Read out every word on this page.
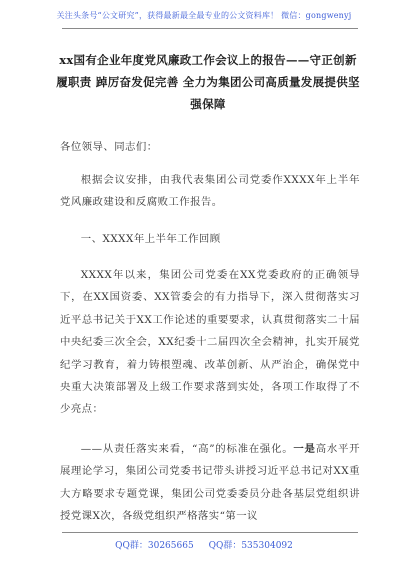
关注头条号“公文研究”，获得最新最全最专业的公文资料库！ 微信：gongwenyj
xx国有企业年度党风廉政工作会议上的报告——守正创新履职责 踔厉奋发促完善 全力为集团公司高质量发展提供坚强保障

各位领导、同志们：

根据会议安排，由我代表集团公司党委作XXXX年上半年党风廉政建设和反腐败工作报告。

一、XXXX年上半年工作回顾

XXXX年以来，集团公司党委在XX党委政府的正确领导下，在XX国资委、XX管委会的有力指导下，深入贯彻落实习近平总书记关于XX工作论述的重要要求，认真贯彻落实二十届中央纪委三次全会，XX纪委十二届四次全会精神，扎实开展党纪学习教育，着力铸根塑魂、改革创新、从严治企，确保党中央重大决策部署及上级工作要求落到实处，各项工作取得了不少亮点：

——从责任落实来看，“高”的标准在强化。一是高水平开展理论学习，集团公司党委书记带头讲授习近平总书记对XX重大方略要求专题党课，集团公司党委委员分赴各基层党组织讲授党课X次，各级党组织严格落实“第一议

QQ群：30265665 QQ群：535304092
